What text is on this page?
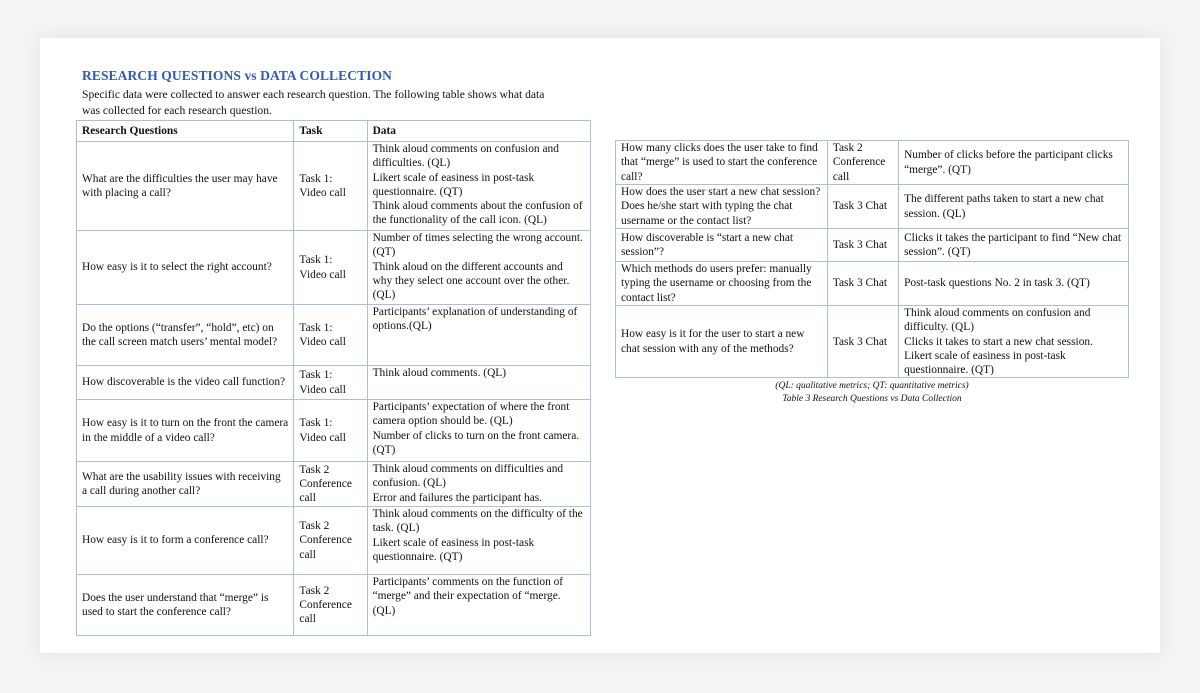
RESEARCH QUESTIONS vs DATA COLLECTION
Specific data were collected to answer each research question. The following table shows what data was collected for each research question.
Research Questions	Task	Data
What are the difficulties the user may have with placing a call?	Task 1: Video call	Think aloud comments on confusion and difficulties. (QL)
Likert scale of easiness in post-task questionnaire. (QT)
Think aloud comments about the confusion of the functionality of the call icon. (QL)
How easy is it to select the right account?	Task 1: Video call	Number of times selecting the wrong account. (QT)
Think aloud on the different accounts and why they select one account over the other.(QL)
Do the options (“transfer”, “hold”, etc) on the call screen match users’ mental model?	Task 1: Video call	Participants’ explanation of understanding of options.(QL)
How discoverable is the video call function?	Task 1: Video call	Think aloud comments. (QL)
How easy is it to turn on the front the camera in the middle of a video call?	Task 1: Video call	Participants’ expectation of where the front camera option should be. (QL)
Number of clicks to turn on the front camera. (QT)
What are the usability issues with receiving a call during another call?	Task 2 Conference call	Think aloud comments on difficulties and confusion. (QL)
Error and failures the participant has.
How easy is it to form a conference call?	Task 2 Conference call	Think aloud comments on the difficulty of the task. (QL)
Likert scale of easiness in post-task questionnaire. (QT)
Does the user understand that “merge” is used to start the conference call?	Task 2 Conference call	Participants’ comments on the function of “merge” and their expectation of “merge. (QL)
How many clicks does the user take to find that “merge” is used to start the conference call?	Task 2 Conference call	Number of clicks before the participant clicks “merge”. (QT)
How does the user start a new chat session? Does he/she start with typing the chat username or the contact list?	Task 3 Chat	The different paths taken to start a new chat session. (QL)
How discoverable is “start a new chat session”?	Task 3 Chat	Clicks it takes the participant to find “New chat session”. (QT)
Which methods do users prefer: manually typing the username or choosing from the contact list?	Task 3 Chat	Post-task questions No. 2 in task 3. (QT)
How easy is it for the user to start a new chat session with any of the methods?	Task 3 Chat	Think aloud comments on confusion and difficulty. (QL)
Clicks it takes to start a new chat session.
Likert scale of easiness in post-task questionnaire. (QT)
(QL: qualitative metrics; QT: quantitative metrics)
Table 3 Research Questions vs Data Collection
